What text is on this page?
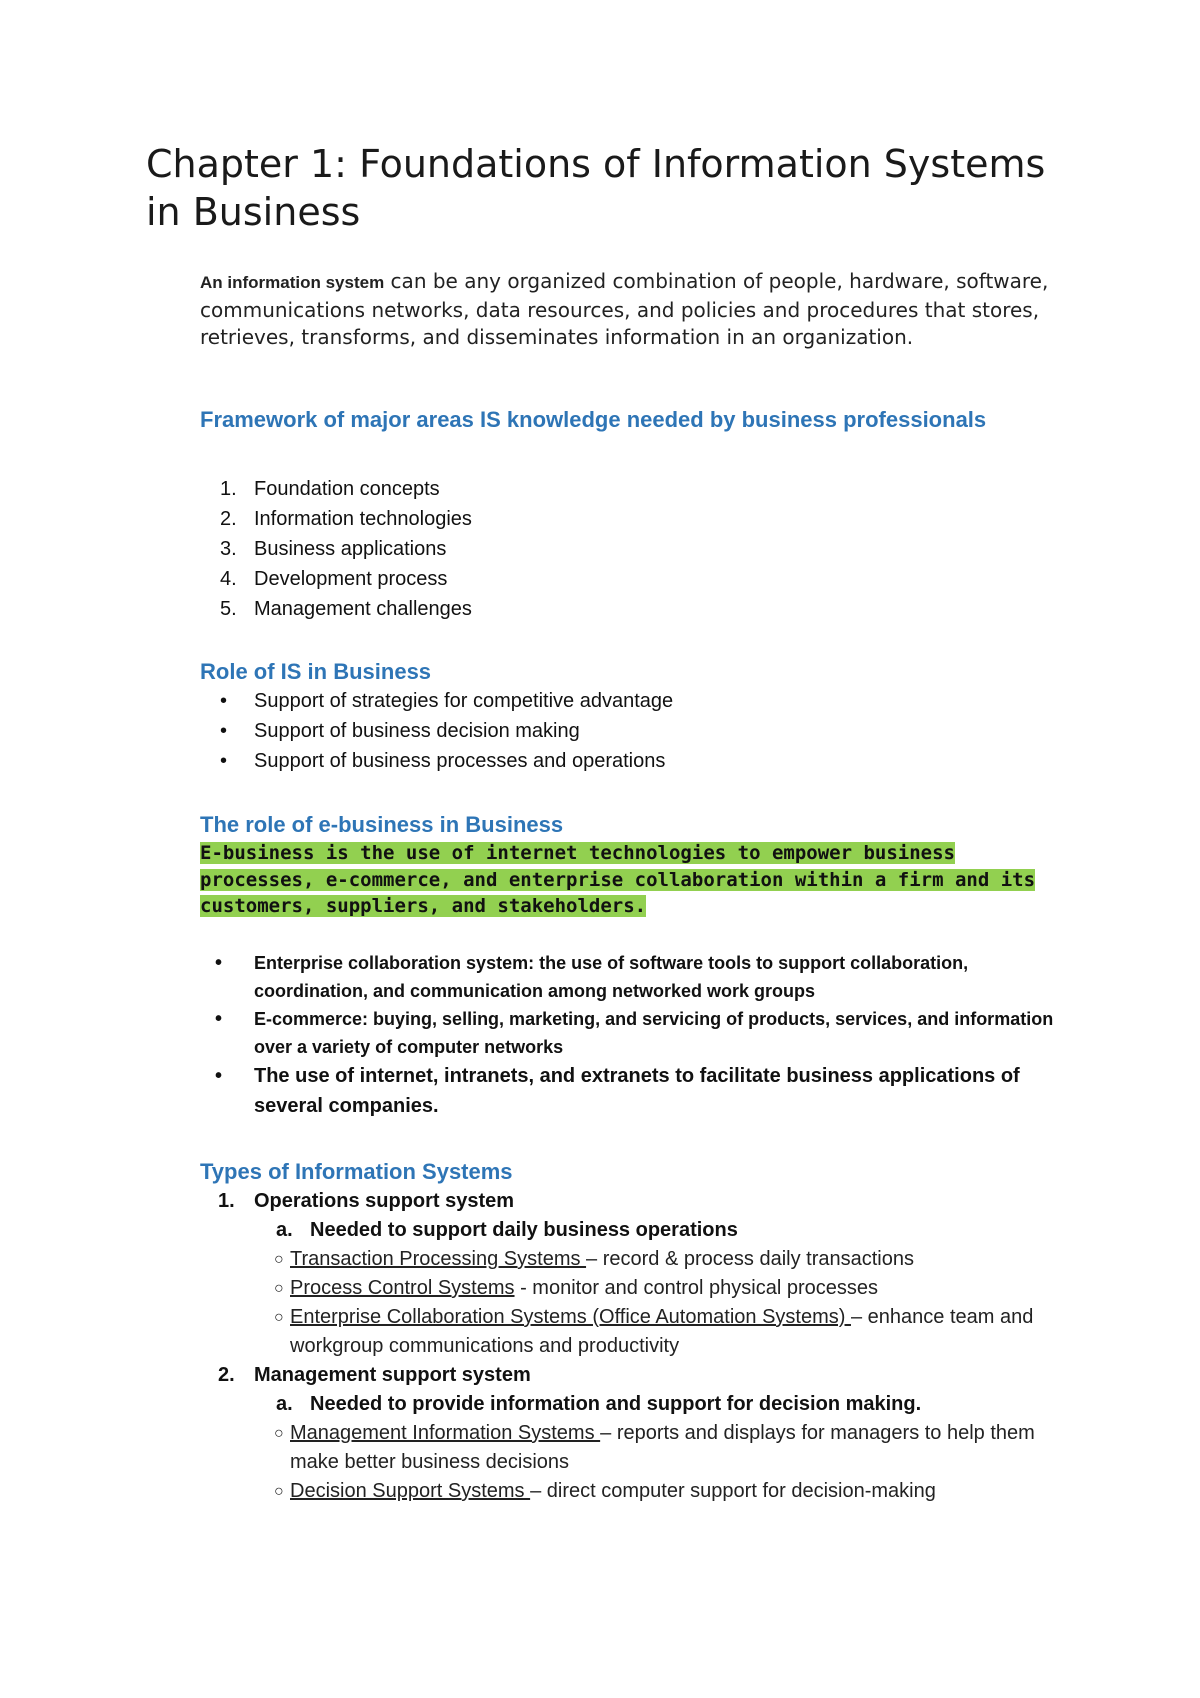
Chapter 1: Foundations of Information Systems in Business

An information system can be any organized combination of people, hardware, software, communications networks, data resources, and policies and procedures that stores, retrieves, transforms, and disseminates information in an organization.

Framework of major areas IS knowledge needed by business professionals
1. Foundation concepts
2. Information technologies
3. Business applications
4. Development process
5. Management challenges
Role of IS in Business
• Support of strategies for competitive advantage
• Support of business decision making
• Support of business processes and operations
The role of e-business in Business

E-business is the use of internet technologies to empower business processes, e-commerce, and enterprise collaboration within a firm and its customers, suppliers, and stakeholders.

• Enterprise collaboration system: the use of software tools to support collaboration, coordination, and communication among networked work groups
• E-commerce: buying, selling, marketing, and servicing of products, services, and information over a variety of computer networks
• The use of internet, intranets, and extranets to facilitate business applications of several companies.
Types of Information Systems
1. Operations support system
a. Needed to support daily business operations
○ Transaction Processing Systems – record & process daily transactions
○ Process Control Systems - monitor and control physical processes
○ Enterprise Collaboration Systems (Office Automation Systems) – enhance team and workgroup communications and productivity
2. Management support system
a. Needed to provide information and support for decision making.
○ Management Information Systems – reports and displays for managers to help them make better business decisions
○ Decision Support Systems – direct computer support for decision-making
